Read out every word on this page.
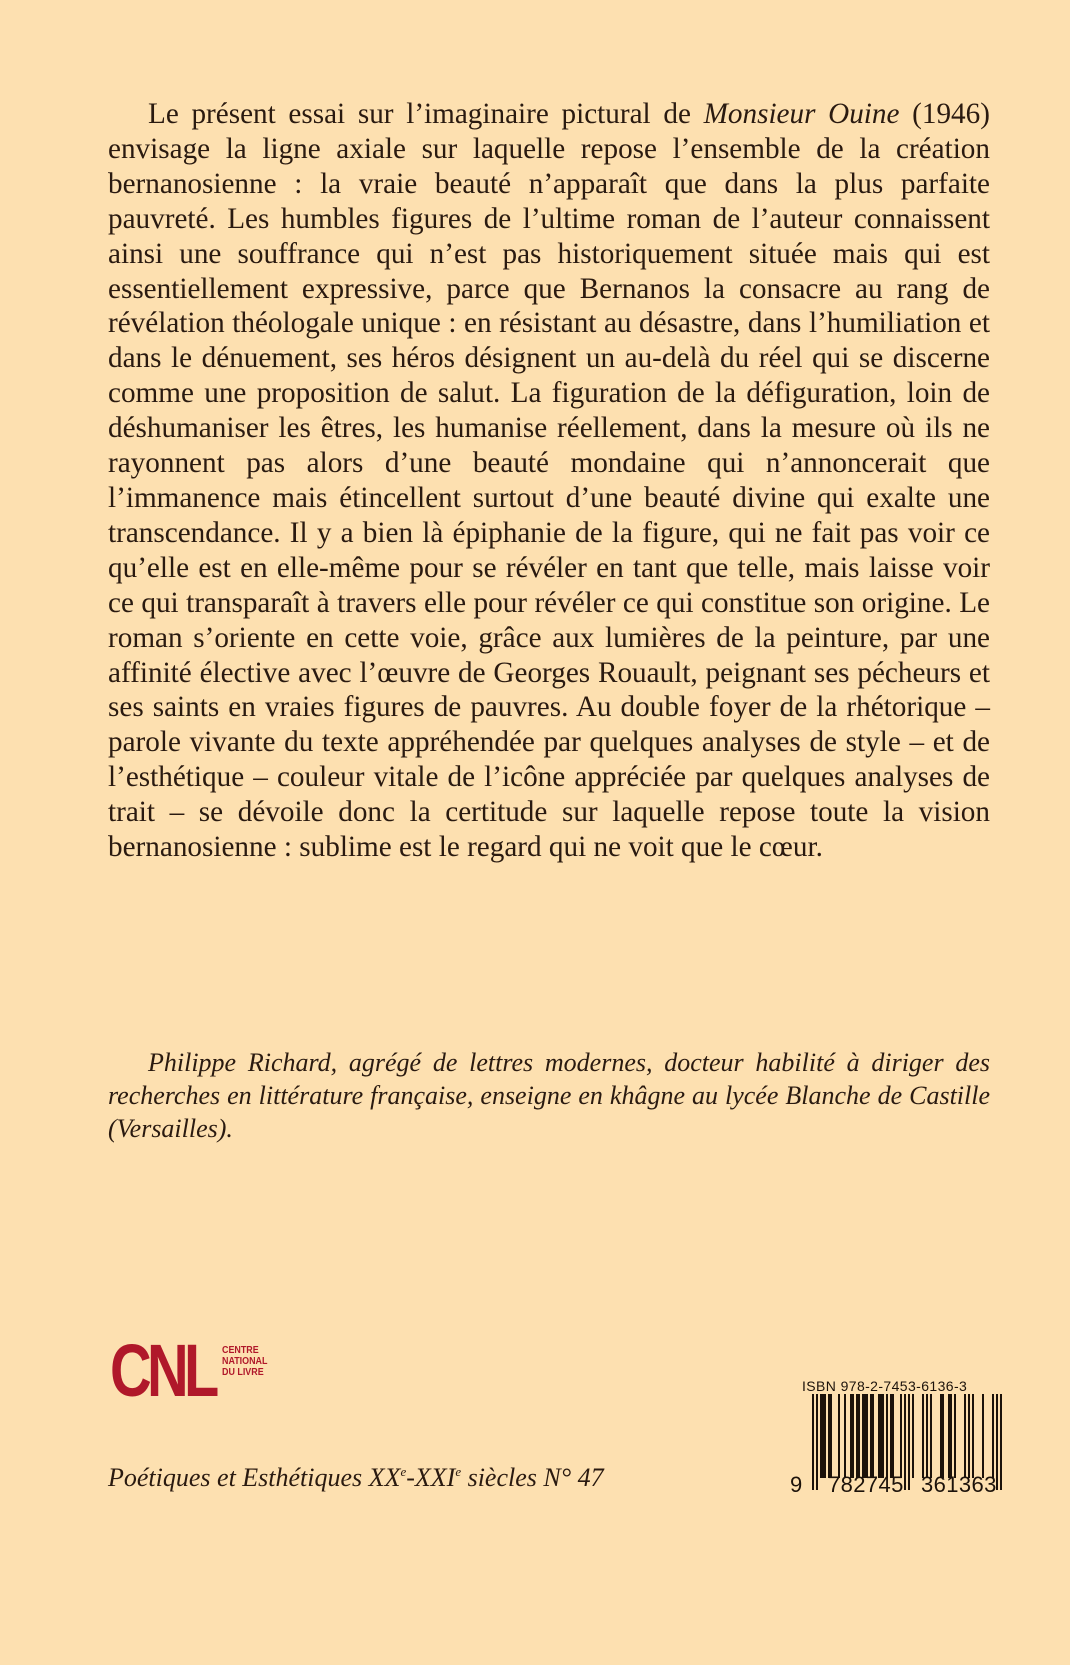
Le présent essai sur l’imaginaire pictural de Monsieur Ouine (1946) envisage la ligne axiale sur laquelle repose l’ensemble de la création bernanosienne : la vraie beauté n’apparaît que dans la plus parfaite pauvreté. Les humbles figures de l’ultime roman de l’auteur connaissent ainsi une souffrance qui n’est pas historiquement située mais qui est essentiellement expressive, parce que Bernanos la consacre au rang de révélation théologale unique : en résistant au désastre, dans l’humiliation et dans le dénuement, ses héros désignent un au-delà du réel qui se discerne comme une proposition de salut. La figuration de la défiguration, loin de déshumaniser les êtres, les humanise réellement, dans la mesure où ils ne rayonnent pas alors d’une beauté mondaine qui n’annoncerait que l’immanence mais étincellent surtout d’une beauté divine qui exalte une transcendance. Il y a bien là épiphanie de la figure, qui ne fait pas voir ce qu’elle est en elle-même pour se révéler en tant que telle, mais laisse voir ce qui transparaît à travers elle pour révéler ce qui constitue son origine. Le roman s’oriente en cette voie, grâce aux lumières de la peinture, par une affinité élective avec l’œuvre de Georges Rouault, peignant ses pécheurs et ses saints en vraies figures de pauvres. Au double foyer de la rhétorique – parole vivante du texte appréhendée par quelques analyses de style – et de l’esthétique – couleur vitale de l’icône appréciée par quelques analyses de trait – se dévoile donc la certitude sur laquelle repose toute la vision bernanosienne : sublime est le regard qui ne voit que le cœur.

Philippe Richard, agrégé de lettres modernes, docteur habilité à diriger des recherches en littérature française, enseigne en khâgne au lycée Blanche de Castille (Versailles).

CNL CENTRE
NATIONAL
DU LIVRE
Poétiques et Esthétiques XXe-XXIe siècles N° 47
ISBN 978-2-7453-6136-3
9 782745 361363
